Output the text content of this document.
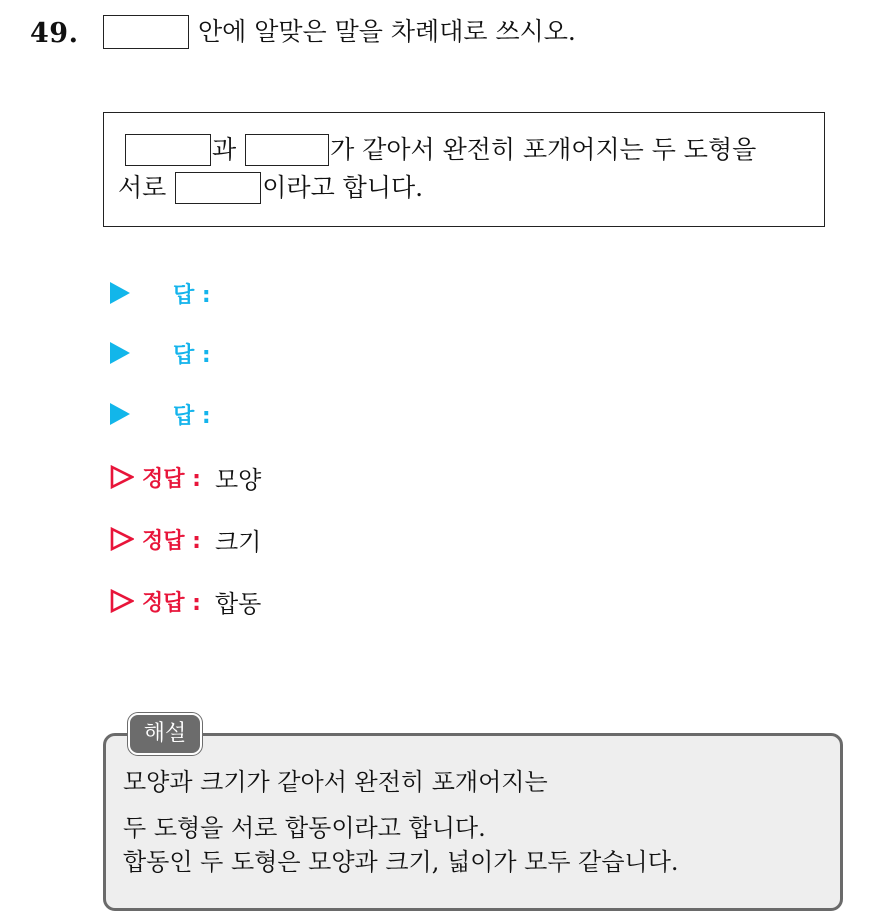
49.	안에 알맞은 말을 차례대로 쓰시오.
과	가 같아서 완전히 포개어지는 두 도형을
서로	이라고 합니다.
답 :
답 :
답 :
정답 : 모양
정답 : 크기
정답 : 합동
해설
모양과 크기가 같아서 완전히 포개어지는
두 도형을 서로 합동이라고 합니다.
합동인 두 도형은 모양과 크기, 넓이가 모두 같습니다.
